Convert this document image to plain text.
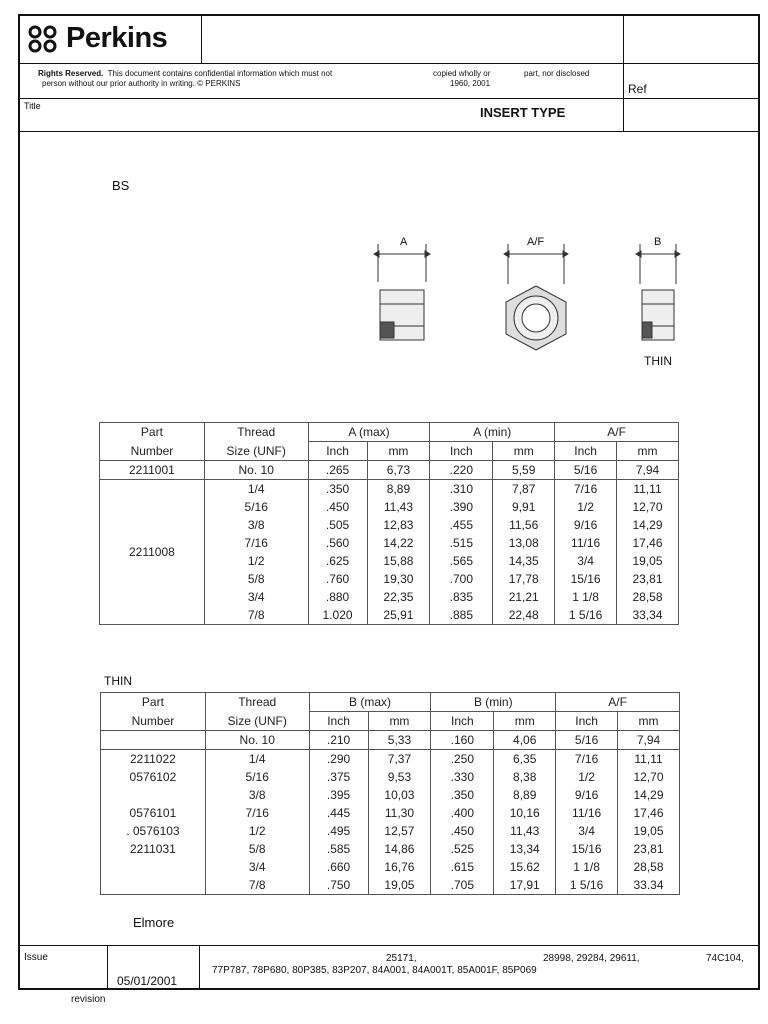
Perkins
Rights Reserved. This document contains confidential information which must not	copied wholly or	part, nor disclosed
person without our prior authority in writing. © PERKINS	1960, 2001	Ref
Title	INSERT TYPE
BS
A	A/F	B
THIN
Part	Thread	A (max)		A (min)		A/F	
Number	Size (UNF)	Inch	mm	Inch	mm	Inch	mm
2211001	No. 10	.265	6,73	.220	5,59	5/16	7,94
2211008	1/4	.350	8,89	.310	7,87	7/16	11,11
	5/16	.450	11,43	.390	9,91	1/2	12,70
	3/8	.505	12,83	.455	11,56	9/16	14,29
	7/16	.560	14,22	.515	13,08	11/16	17,46
	1/2	.625	15,88	.565	14,35	3/4	19,05
	5/8	.760	19,30	.700	17,78	15/16	23,81
	3/4	.880	22,35	.835	21,21	1 1/8	28,58
	7/8	1.020	25,91	.885	22,48	1 5/16	33,34
THIN
Part	Thread	B (max)		B (min)		A/F	
Number	Size (UNF)	Inch	mm	Inch	mm	Inch	mm
	No. 10	.210	5,33	.160	4,06	5/16	7,94
2211022	1/4	.290	7,37	.250	6,35	7/16	11,11
0576102	5/16	.375	9,53	.330	8,38	1/2	12,70
	3/8	.395	10,03	.350	8,89	9/16	14,29
0576101	7/16	.445	11,30	.400	10,16	11/16	17,46
. 0576103	1/2	.495	12,57	.450	11,43	3/4	19,05
2211031	5/8	.585	14,86	.525	13,34	15/16	23,81
	3/4	.660	16,76	.615	15.62	1 1/8	28,58
	7/8	.750	19,05	.705	17,91	1 5/16	33.34
Elmore
Issue
05/01/2001
25171,	28998, 29284, 29611,	74C104,
77P787, 78P680, 80P385, 83P207, 84A001, 84A001T, 85A001F, 85P069
revision
